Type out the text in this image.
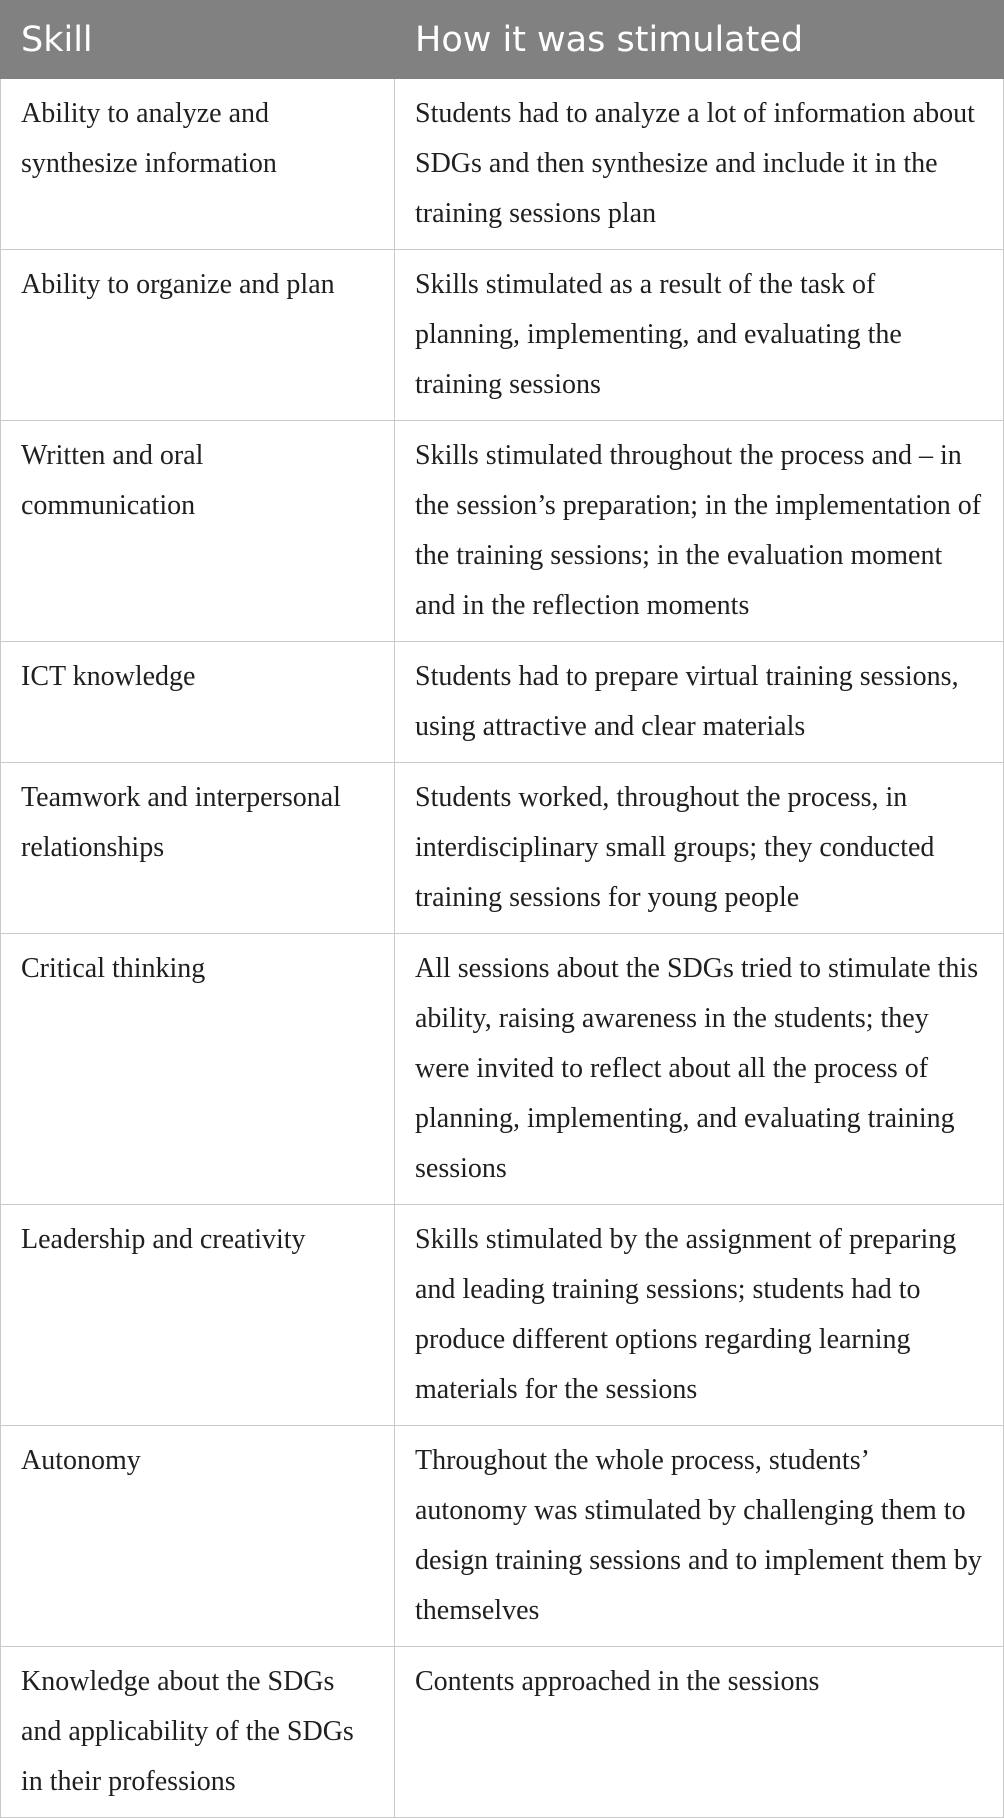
Skill	How it was stimulated
Ability to analyze and synthesize information	Students had to analyze a lot of information about SDGs and then synthesize and include it in the training sessions plan
Ability to organize and plan	Skills stimulated as a result of the task of planning, implementing, and evaluating the training sessions
Written and oral communication	Skills stimulated throughout the process and – in the session’s preparation; in the implementation of the training sessions; in the evaluation moment and in the reflection moments
ICT knowledge	Students had to prepare virtual training sessions, using attractive and clear materials
Teamwork and interpersonal relationships	Students worked, throughout the process, in interdisciplinary small groups; they conducted training sessions for young people
Critical thinking	All sessions about the SDGs tried to stimulate this ability, raising awareness in the students; they were invited to reflect about all the process of planning, implementing, and evaluating training sessions
Leadership and creativity	Skills stimulated by the assignment of preparing and leading training sessions; students had to produce different options regarding learning materials for the sessions
Autonomy	Throughout the whole process, students’ autonomy was stimulated by challenging them to design training sessions and to implement them by themselves
Knowledge about the SDGs and applicability of the SDGs in their professions	Contents approached in the sessions
